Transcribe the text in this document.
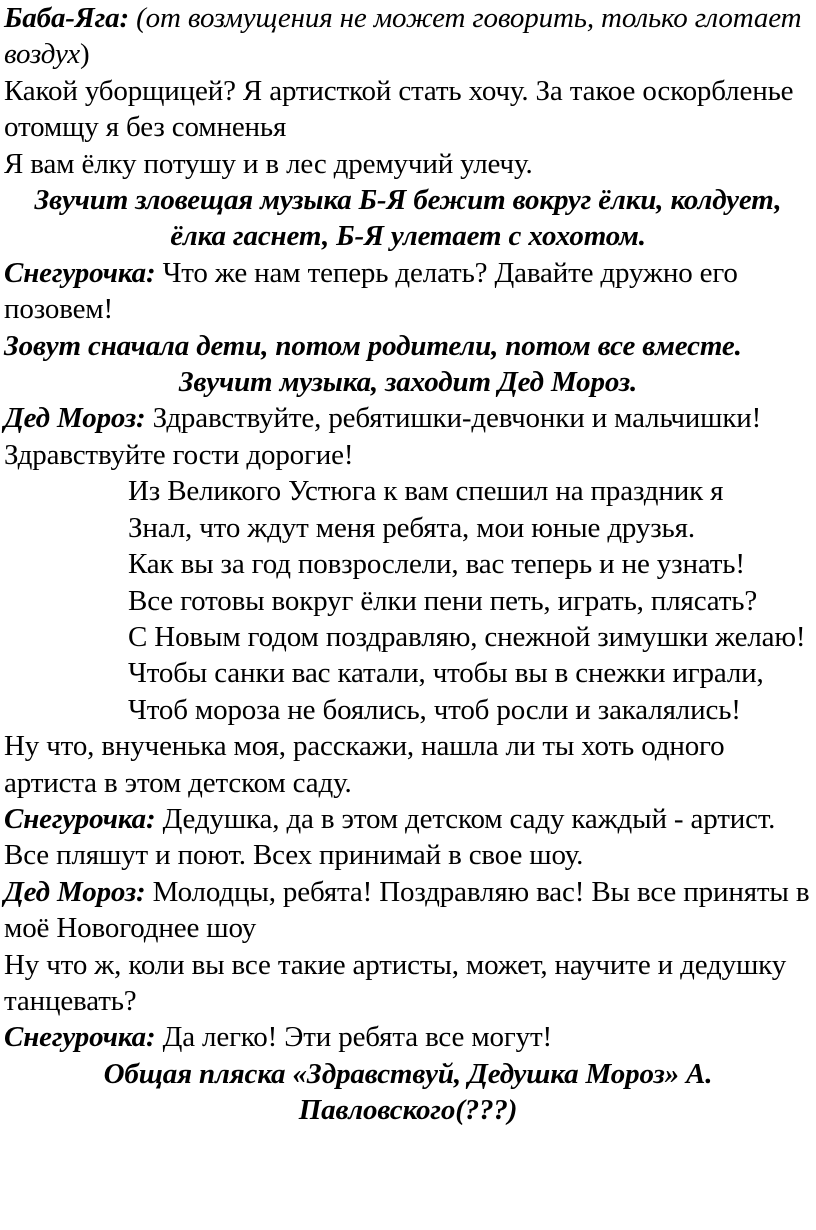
Баба-Яга: (от возмущения не может говорить, только глотает воздух)

Какой уборщицей? Я артисткой стать хочу. За такое оскорбленье отомщу я без сомненья

Я вам ёлку потушу и в лес дремучий улечу.

Звучит зловещая музыка Б-Я бежит вокруг ёлки, колдует, ёлка гаснет, Б-Я улетает с хохотом.

Снегурочка: Что же нам теперь делать? Давайте дружно его позовем!

Зовут сначала дети, потом родители, потом все вместе.

Звучит музыка, заходит Дед Мороз.

Дед Мороз: Здравствуйте, ребятишки-девчонки и мальчишки! Здравствуйте гости дорогие!

Из Великого Устюга к вам спешил на праздник я

Знал, что ждут меня ребята, мои юные друзья.

Как вы за год повзрослели, вас теперь и не узнать!

Все готовы вокруг ёлки пени петь, играть, плясать?

С Новым годом поздравляю, снежной зимушки желаю!

Чтобы санки вас катали, чтобы вы в снежки играли,

Чтоб мороза не боялись, чтоб росли и закалялись!

Ну что, внученька моя, расскажи, нашла ли ты хоть одного артиста в этом детском саду.

Снегурочка: Дедушка, да в этом детском саду каждый - артист. Все пляшут и поют. Всех принимай в свое шоу.

Дед Мороз: Молодцы, ребята! Поздравляю вас! Вы все приняты в моё Новогоднее шоу

Ну что ж, коли вы все такие артисты, может, научите и дедушку танцевать?

Снегурочка: Да легко! Эти ребята все могут!

Общая пляска «Здравствуй, Дедушка Мороз» А. Павловского(???)
